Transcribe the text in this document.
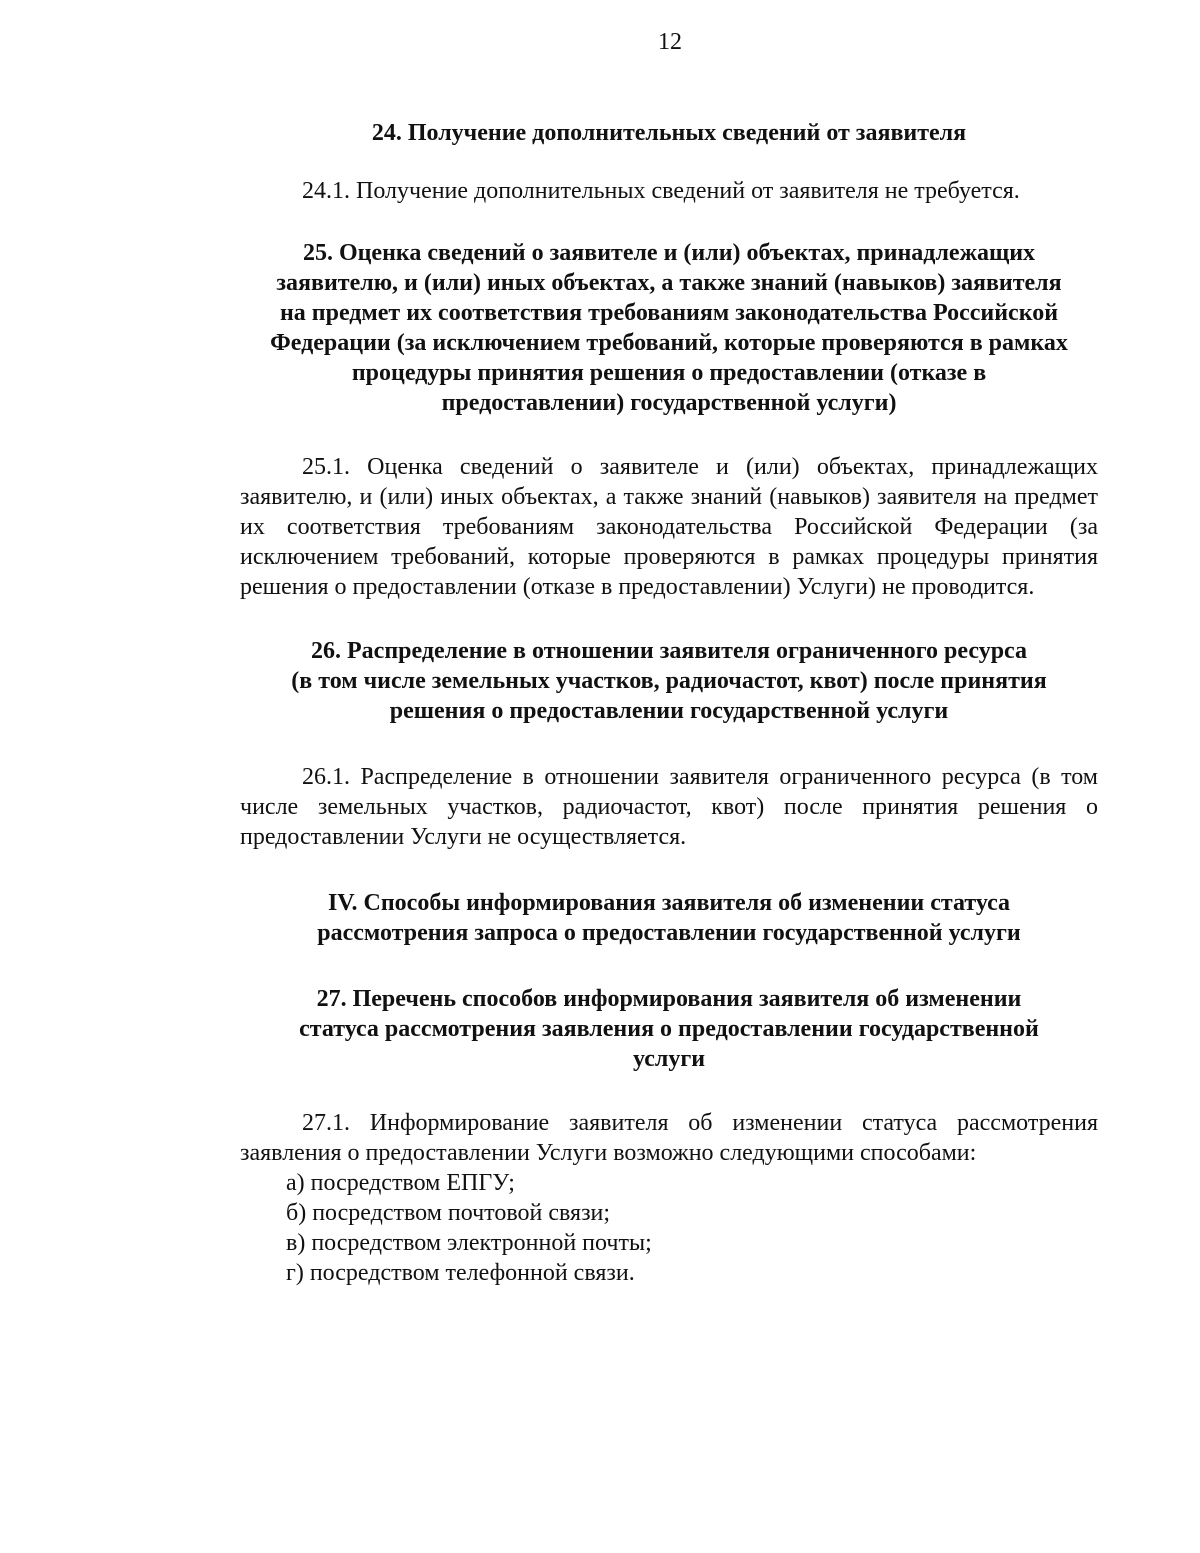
12
24. Получение дополнительных сведений от заявителя

24.1. Получение дополнительных сведений от заявителя не требуется.

25. Оценка сведений о заявителе и (или) объектах, принадлежащих
заявителю, и (или) иных объектах, а также знаний (навыков) заявителя
на предмет их соответствия требованиям законодательства Российской
Федерации (за исключением требований, которые проверяются в рамках
процедуры принятия решения о предоставлении (отказе в
предоставлении) государственной услуги)

25.1. Оценка сведений о заявителе и (или) объектах, принадлежащих заявителю, и (или) иных объектах, а также знаний (навыков) заявителя на предмет их соответствия требованиям законодательства Российской Федерации (за исключением требований, которые проверяются в рамках процедуры принятия решения о предоставлении (отказе в предоставлении) Услуги) не проводится.

26. Распределение в отношении заявителя ограниченного ресурса
(в том числе земельных участков, радиочастот, квот) после принятия
решения о предоставлении государственной услуги

26.1. Распределение в отношении заявителя ограниченного ресурса (в том числе земельных участков, радиочастот, квот) после принятия решения о предоставлении Услуги не осуществляется.

IV. Способы информирования заявителя об изменении статуса
рассмотрения запроса о предоставлении государственной услуги
27. Перечень способов информирования заявителя об изменении
статуса рассмотрения заявления о предоставлении государственной
услуги

27.1. Информирование заявителя об изменении статуса рассмотрения заявления о предоставлении Услуги возможно следующими способами:

а) посредством ЕПГУ;

б) посредством почтовой связи;

в) посредством электронной почты;

г) посредством телефонной связи.
